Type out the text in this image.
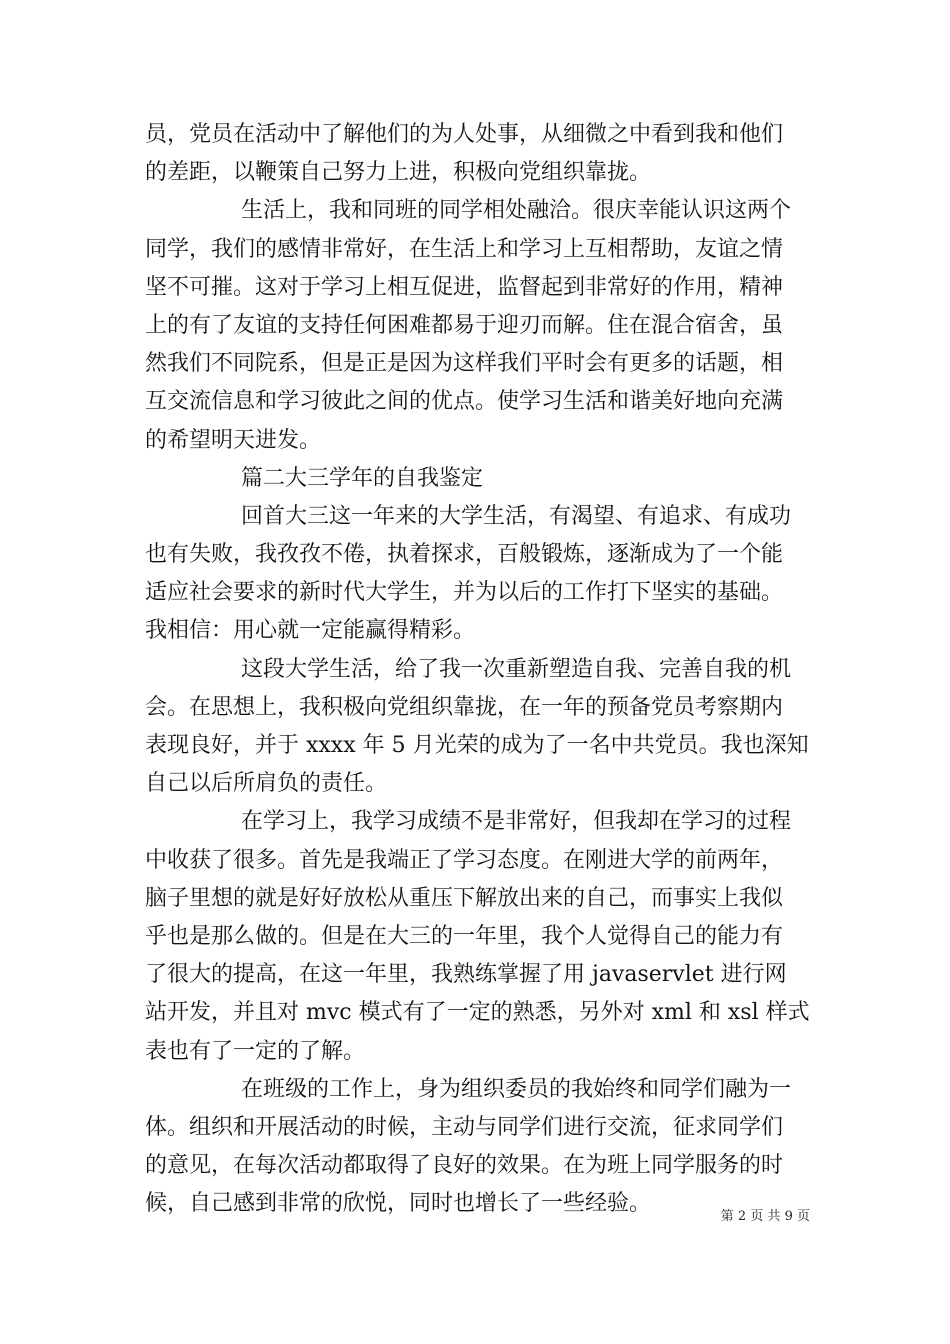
员，党员在活动中了解他们的为人处事，从细微之中看到我和他们
的差距，以鞭策自己努力上进，积极向党组织靠拢。
生活上，我和同班的同学相处融洽。很庆幸能认识这两个
同学，我们的感情非常好，在生活上和学习上互相帮助，友谊之情
坚不可摧。这对于学习上相互促进，监督起到非常好的作用，精神
上的有了友谊的支持任何困难都易于迎刃而解。住在混合宿舍，虽
然我们不同院系，但是正是因为这样我们平时会有更多的话题，相
互交流信息和学习彼此之间的优点。使学习生活和谐美好地向充满
的希望明天进发。
篇二大三学年的自我鉴定
回首大三这一年来的大学生活，有渴望、有追求、有成功
也有失败，我孜孜不倦，执着探求，百般锻炼，逐渐成为了一个能
适应社会要求的新时代大学生，并为以后的工作打下坚实的基础。
我相信：用心就一定能赢得精彩。
这段大学生活，给了我一次重新塑造自我、完善自我的机
会。在思想上，我积极向党组织靠拢，在一年的预备党员考察期内
表现良好，并于 xxxx 年 5 月光荣的成为了一名中共党员。我也深知
自己以后所肩负的责任。
在学习上，我学习成绩不是非常好，但我却在学习的过程
中收获了很多。首先是我端正了学习态度。在刚进大学的前两年，
脑子里想的就是好好放松从重压下解放出来的自己，而事实上我似
乎也是那么做的。但是在大三的一年里，我个人觉得自己的能力有
了很大的提高，在这一年里，我熟练掌握了用 javaservlet 进行网
站开发，并且对 mvc 模式有了一定的熟悉，另外对 xml 和 xsl 样式
表也有了一定的了解。
在班级的工作上，身为组织委员的我始终和同学们融为一
体。组织和开展活动的时候，主动与同学们进行交流，征求同学们
的意见，在每次活动都取得了良好的效果。在为班上同学服务的时
候，自己感到非常的欣悦，同时也增长了一些经验。
第 2 页 共 9 页
